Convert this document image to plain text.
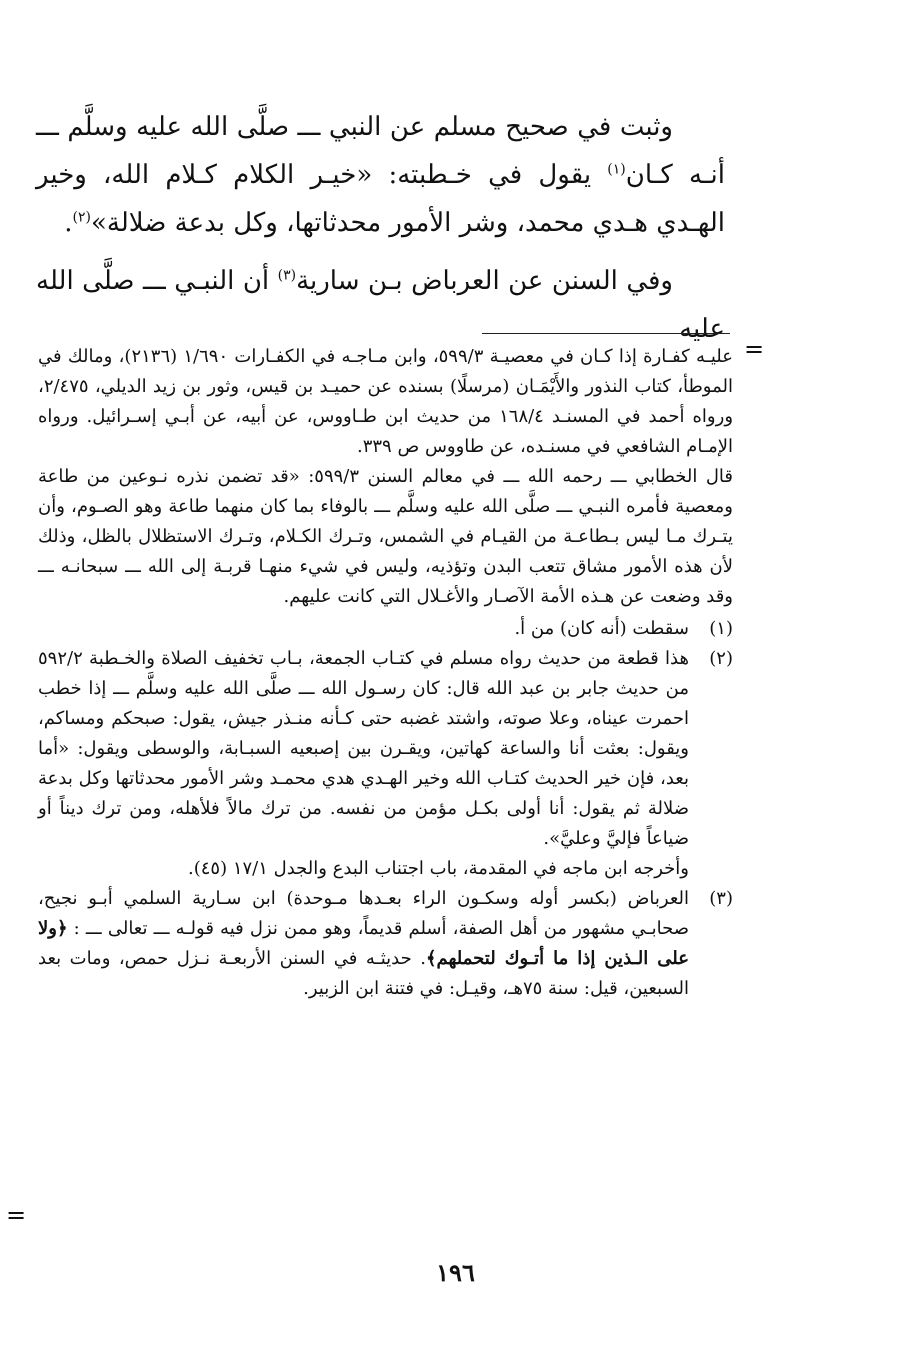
وثبت في صحيح مسلم عن النبي ـــ صلَّى الله عليه وسلَّم ـــ أنـه كـان$^{(١)}$ يقول في خـطبته: «خيـر الكلام كـلام الله، وخير الهـدي هـدي محمد، وشر الأمور محدثاتها، وكل بدعة ضلالة»$^{(٢)}$.

وفي السنن عن العرباض بـن سارية$^{(٣)}$ أن النبـي ـــ صلَّى الله عليه

=

عليـه كفـارة إذا كـان في معصيـة ٥٩٩/٣، وابن مـاجـه في الكفـارات ١/٦٩٠ (٢١٣٦)، ومالك في الموطأ، كتاب النذور والأَيْمَـان (مرسلًا) بسنده عن حميـد بن قيس، وثور بن زيد الديلي، ٢/٤٧٥، ورواه أحمد في المسنـد ١٦٨/٤ من حديث ابن طـاووس، عن أبيه، عن أبـي إسـرائيل. ورواه الإمـام الشافعي في مسنـده، عن طاووس ص ٣٣٩.

قال الخطابي ـــ رحمه الله ـــ في معالم السنن ٥٩٩/٣: «قد تضمن نذره نـوعين من طاعة ومعصية فأمره النبـي ـــ صلَّى الله عليه وسلَّم ـــ بالوفاء بما كان منهما طاعة وهو الصـوم، وأن يتـرك مـا ليس بـطاعـة من القيـام في الشمس، وتـرك الكـلام، وتـرك الاستظلال بالظل، وذلك لأن هذه الأمور مشاق تتعب البدن وتؤذيه، وليس في شيء منهـا قربـة إلى الله ـــ سبحانـه ـــ وقد وضعت عن هـذه الأمة الآصـار والأغـلال التي كانت عليهم.

(١)

سقطت (أنه كان) من أ.

(٢)

هذا قطعة من حديث رواه مسلم في كتـاب الجمعة، بـاب تخفيف الصلاة والخـطبة ٥٩٢/٢ من حديث جابر بن عبد الله قال: كان رسـول الله ـــ صلَّى الله عليه وسلَّم ـــ إذا خطب احمرت عيناه، وعلا صوته، واشتد غضبه حتى كـأنه منـذر جيش، يقول: صبحكم ومساكم، ويقول: بعثت أنا والساعة كهاتين، ويقـرن بين إصبعيه السبـابة، والوسطى ويقول: «أما بعد، فإن خير الحديث كتـاب الله وخير الهـدي هدي محمـد وشر الأمور محدثاتها وكل بدعة ضلالة ثم يقول: أنا أولى بكـل مؤمن من نفسه. من ترك مالاً فلأهله، ومن ترك ديناً أو ضياعاً فإليَّ وعليَّ».

وأخرجه ابن ماجه في المقدمة، باب اجتناب البدع والجدل ١٧/١ (٤٥).

(٣)

العرباض (بكسر أوله وسكـون الراء بعـدها مـوحدة) ابن سـارية السلمي أبـو نجيح، صحابـي مشهور من أهل الصفة، أسلم قديماً، وهو ممن نزل فيه قولـه ـــ تعالى ـــ : ﴿ولا على الـذين إذا ما أتـوك لتحملهم﴾. حديثـه في السنن الأربعـة نـزل حمص، ومات بعد السبعين، قيل: سنة ٧٥هـ، وقيـل: في فتنة ابن الزبير.

=
١٩٦
